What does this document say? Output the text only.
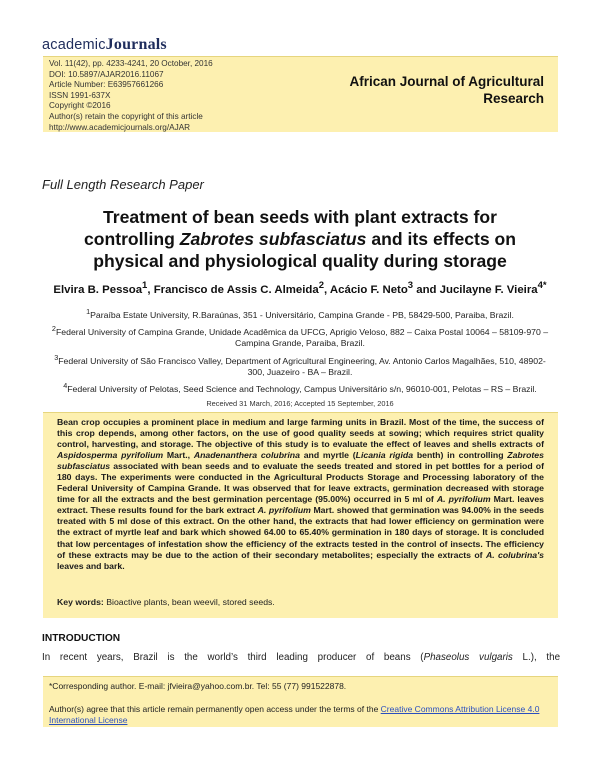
academicJournals
Vol. 11(42), pp. 4233-4241, 20 October, 2016
DOI: 10.5897/AJAR2016.11067
Article Number: E63957661266
ISSN 1991-637X
Copyright ©2016
Author(s) retain the copyright of this article
http://www.academicjournals.org/AJAR
African Journal of Agricultural
Research
Full Length Research Paper
Treatment of bean seeds with plant extracts for
controlling Zabrotes subfasciatus and its effects on
physical and physiological quality during storage
Elvira B. Pessoa$^1$, Francisco de Assis C. Almeida$^2$, Acácio F. Neto$^3$ and Jucilayne F. Vieira$^{4*}$

$^1$Paraíba Estate University, R.Baraúnas, 351 - Universitário, Campina Grande - PB, 58429-500, Paraiba, Brazil.

$^2$Federal University of Campina Grande, Unidade Acadêmica da UFCG, Aprigio Veloso, 882 – Caixa Postal 10064 – 58109-970 – Campina Grande, Paraiba, Brazil.

$^3$Federal University of São Francisco Valley, Department of Agricultural Engineering, Av. Antonio Carlos Magalhães, 510, 48902-300, Juazeiro - BA – Brazil.

$^4$Federal University of Pelotas, Seed Science and Technology, Campus Universitário s/n, 96010-001, Pelotas – RS – Brazil.

Received 31 March, 2016; Accepted 15 September, 2016

Bean crop occupies a prominent place in medium and large farming units in Brazil. Most of the time, the success of this crop depends, among other factors, on the use of good quality seeds at sowing; which requires strict quality control, harvesting, and storage. The objective of this study is to evaluate the effect of leaves and shells extracts of Aspidosperma pyrifolium Mart., Anadenanthera colubrina and myrtle (Licania rigida benth) in controlling Zabrotes subfasciatus associated with bean seeds and to evaluate the seeds treated and stored in pet bottles for a period of 180 days. The experiments were conducted in the Agricultural Products Storage and Processing laboratory of the Federal University of Campina Grande. It was observed that for leave extracts, germination decreased with storage time for all the extracts and the best germination percentage (95.00%) occurred in 5 ml of A. pyrifolium Mart. leaves extract. These results found for the bark extract A. pyrifolium Mart. showed that germination was 94.00% in the seeds treated with 5 ml dose of this extract. On the other hand, the extracts that had lower efficiency on germination were the extract of myrtle leaf and bark which showed 64.00 to 65.40% germination in 180 days of storage. It is concluded that low percentages of infestation show the efficiency of the extracts tested in the control of insects. The efficiency of these extracts may be due to the action of their secondary metabolites; especially the extracts of A. colubrina's leaves and bark.

Key words: Bioactive plants, bean weevil, stored seeds.
INTRODUCTION

In recent years, Brazil is the world’s third leading producer of beans (Phaseolus vulgaris L.), the

*Corresponding author. E-mail: jfvieira@yahoo.com.br. Tel: 55 (77) 991522878.
Author(s) agree that this article remain permanently open access under the terms of the Creative Commons Attribution License 4.0 International License
